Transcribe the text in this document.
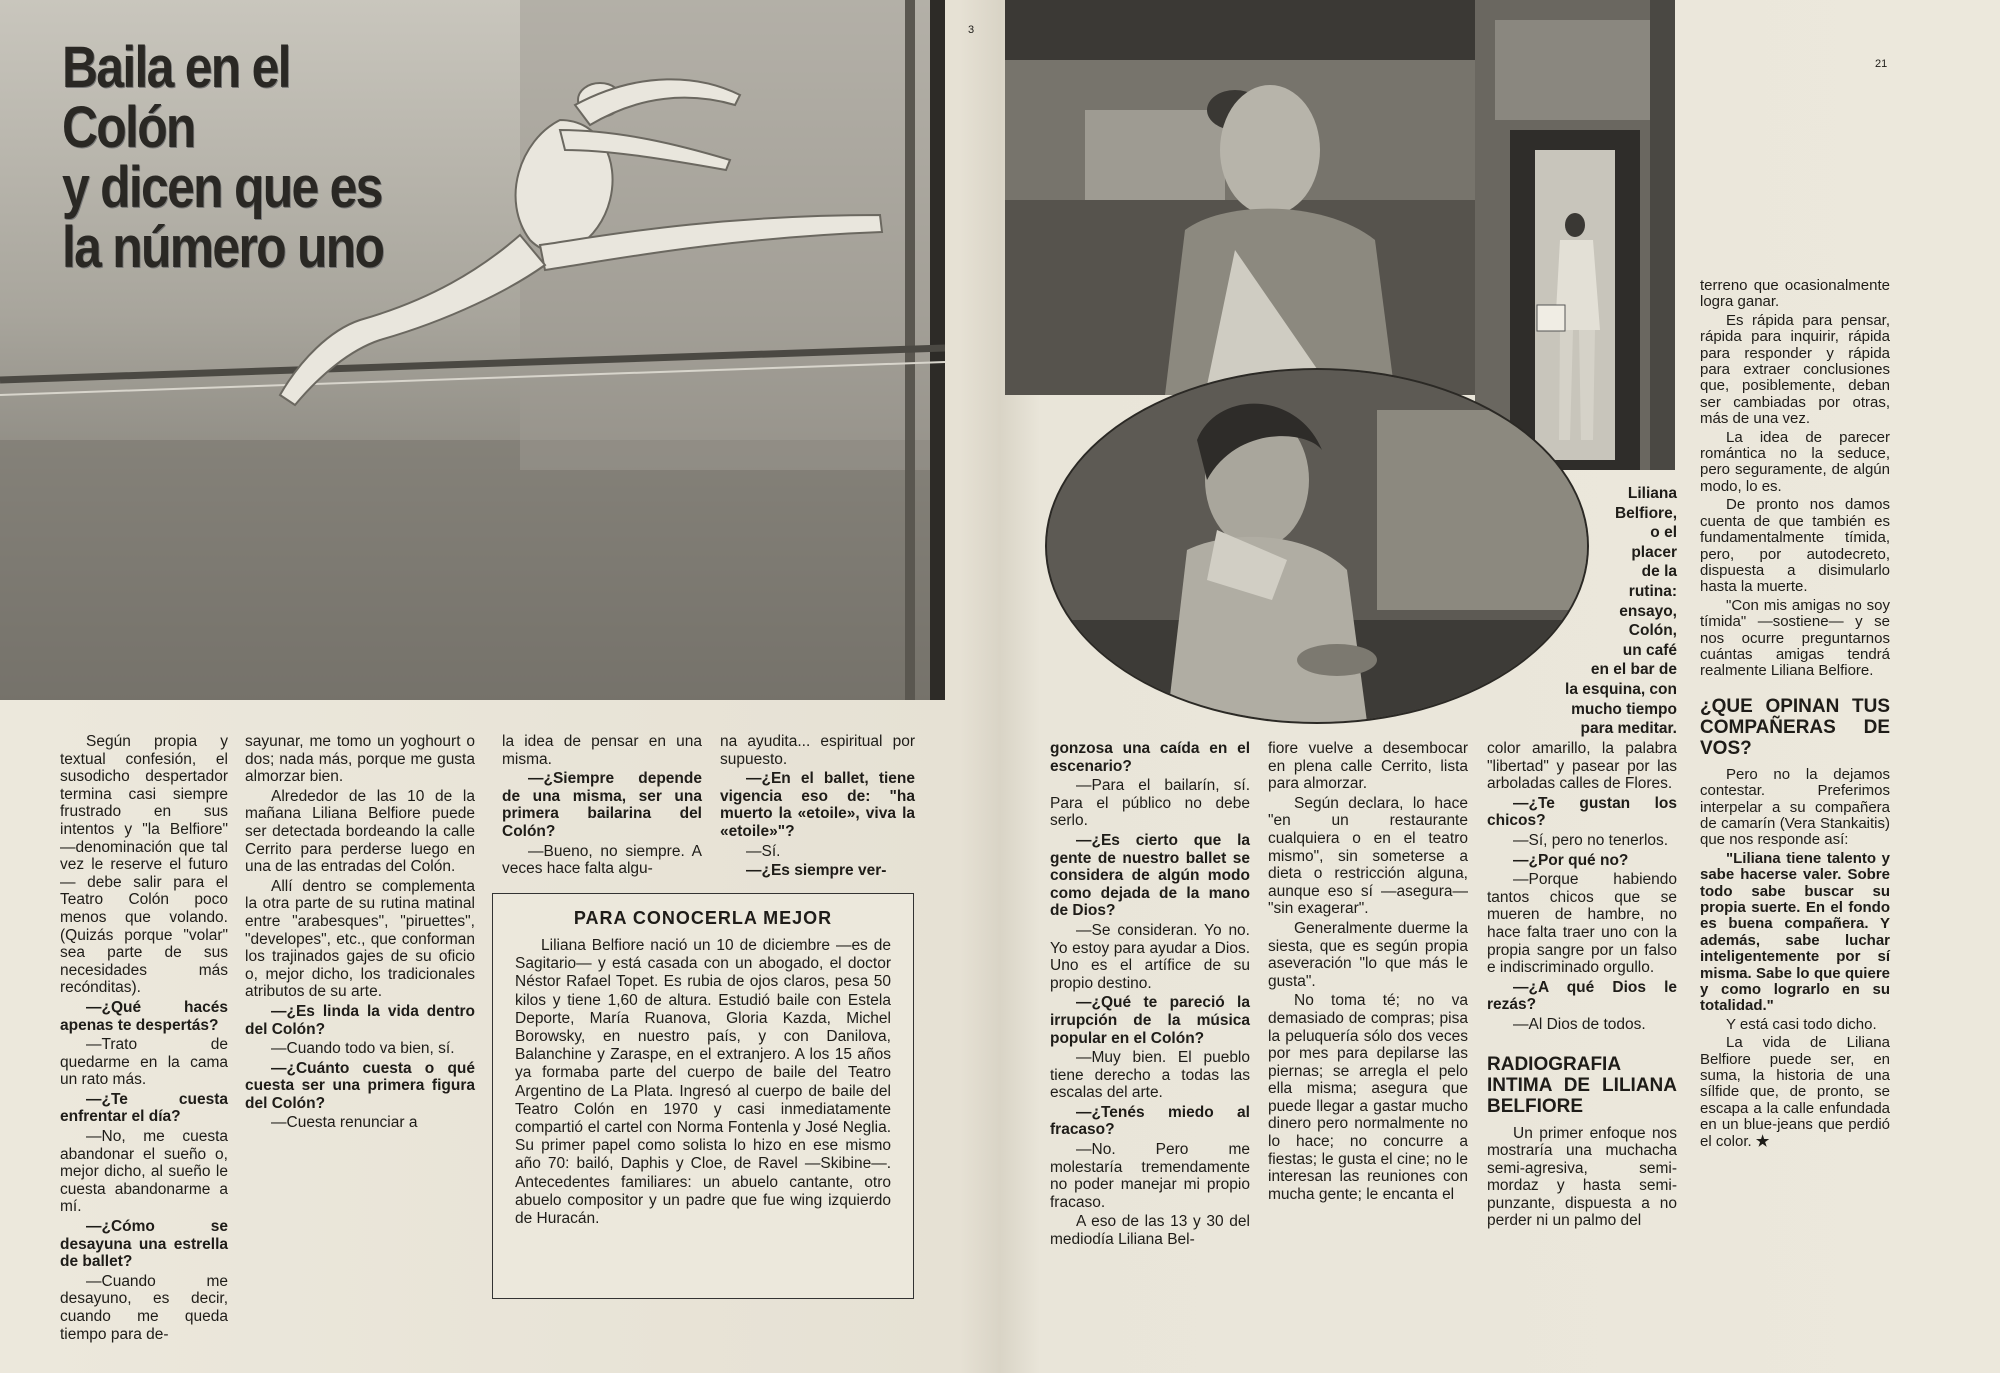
Baila en el Colón
y dicen que es
la número uno
3
Liliana
Belfiore,
o el
placer
de la
rutina:
ensayo,
Colón,
un café
en el bar de
la esquina, con
mucho tiempo
para meditar.
21

Según propia y textual confesión, el susodicho despertador termina casi siempre frustrado en sus intentos y "la Belfiore" —denominación que tal vez le reserve el futuro— debe salir para el Teatro Colón poco menos que volando. (Quizás porque "volar" sea parte de sus necesidades más recónditas).

—¿Qué hacés apenas te despertás?

—Trato de quedarme en la cama un rato más.

—¿Te cuesta enfrentar el día?

—No, me cuesta abandonar el sueño o, mejor dicho, al sueño le cuesta abandonarme a mí.

—¿Cómo se desayuna una estrella de ballet?

—Cuando me desayuno, es decir, cuando me queda tiempo para de-

sayunar, me tomo un yoghourt o dos; nada más, porque me gusta almorzar bien.

Alrededor de las 10 de la mañana Liliana Belfiore puede ser detectada bordeando la calle Cerrito para perderse luego en una de las entradas del Colón.

Allí dentro se complementa la otra parte de su rutina matinal entre "arabesques", "piruettes", "developes", etc., que conforman los trajinados gajes de su oficio o, mejor dicho, los tradicionales atributos de su arte.

—¿Es linda la vida dentro del Colón?

—Cuando todo va bien, sí.

—¿Cuánto cuesta o qué cuesta ser una primera figura del Colón?

—Cuesta renunciar a

la idea de pensar en una misma.

—¿Siempre depende de una misma, ser una primera bailarina del Colón?

—Bueno, no siempre. A veces hace falta algu-

na ayudita... espiritual por supuesto.

—¿En el ballet, tiene vigencia eso de: "ha muerto la «etoile», viva la «etoile»"?

—Sí.

—¿Es siempre ver-

PARA CONOCERLA MEJOR
Liliana Belfiore nació un 10 de diciembre —es de Sagitario— y está casada con un abogado, el doctor Néstor Rafael Topet. Es rubia de ojos claros, pesa 50 kilos y tiene 1,60 de altura. Estudió baile con Estela Deporte, María Ruanova, Gloria Kazda, Michel Borowsky, en nuestro país, y con Danilova, Balanchine y Zaraspe, en el extranjero. A los 15 años ya formaba parte del cuerpo de baile del Teatro Argentino de La Plata. Ingresó al cuerpo de baile del Teatro Colón en 1970 y casi inmediatamente compartió el cartel con Norma Fontenla y José Neglia. Su primer papel como solista lo hizo en ese mismo año 70: bailó, Daphis y Cloe, de Ravel —Skibine—. Antecedentes familiares: un abuelo cantante, otro abuelo compositor y un padre que fue wing izquierdo de Huracán.

gonzosa una caída en el escenario?

—Para el bailarín, sí. Para el público no debe serlo.

—¿Es cierto que la gente de nuestro ballet se considera de algún modo como dejada de la mano de Dios?

—Se consideran. Yo no. Yo estoy para ayudar a Dios. Uno es el artífice de su propio destino.

—¿Qué te pareció la irrupción de la música popular en el Colón?

—Muy bien. El pueblo tiene derecho a todas las escalas del arte.

—¿Tenés miedo al fracaso?

—No. Pero me molestaría tremendamente no poder manejar mi propio fracaso.

A eso de las 13 y 30 del mediodía Liliana Bel-

fiore vuelve a desembocar en plena calle Cerrito, lista para almorzar.

Según declara, lo hace "en un restaurante cualquiera o en el teatro mismo", sin someterse a dieta o restricción alguna, aunque eso sí —asegura— "sin exagerar".

Generalmente duerme la siesta, que es según propia aseveración "lo que más le gusta".

No toma té; no va demasiado de compras; pisa la peluquería sólo dos veces por mes para depilarse las piernas; se arregla el pelo ella misma; asegura que puede llegar a gastar mucho dinero pero normalmente no lo hace; no concurre a fiestas; le gusta el cine; no le interesan las reuniones con mucha gente; le encanta el

color amarillo, la palabra "libertad" y pasear por las arboladas calles de Flores.

—¿Te gustan los chicos?

—Sí, pero no tenerlos.

—¿Por qué no?

—Porque habiendo tantos chicos que se mueren de hambre, no hace falta traer uno con la propia sangre por un falso e indiscriminado orgullo.

—¿A qué Dios le rezás?

—Al Dios de todos.

RADIOGRAFIA INTIMA DE LILIANA BELFIORE

Un primer enfoque nos mostraría una muchacha semi-agresiva, semi-mordaz y hasta semi-punzante, dispuesta a no perder ni un palmo del

terreno que ocasionalmente logra ganar.

Es rápida para pensar, rápida para inquirir, rápida para responder y rápida para extraer conclusiones que, posiblemente, deban ser cambiadas por otras, más de una vez.

La idea de parecer romántica no la seduce, pero seguramente, de algún modo, lo es.

De pronto nos damos cuenta de que también es fundamentalmente tímida, pero, por autodecreto, dispuesta a disimularlo hasta la muerte.

"Con mis amigas no soy tímida" —sostiene— y se nos ocurre preguntarnos cuántas amigas tendrá realmente Liliana Belfiore.

¿QUE OPINAN TUS COMPAÑERAS DE VOS?

Pero no la dejamos contestar. Preferimos interpelar a su compañera de camarín (Vera Stankaitis) que nos responde así:

"Liliana tiene talento y sabe hacerse valer. Sobre todo sabe buscar su propia suerte. En el fondo es buena compañera. Y además, sabe luchar inteligentemente por sí misma. Sabe lo que quiere y como lograrlo en su totalidad."

Y está casi todo dicho.

La vida de Liliana Belfiore puede ser, en suma, la historia de una sílfide que, de pronto, se escapa a la calle enfundada en un blue-jeans que perdió el color. ★
